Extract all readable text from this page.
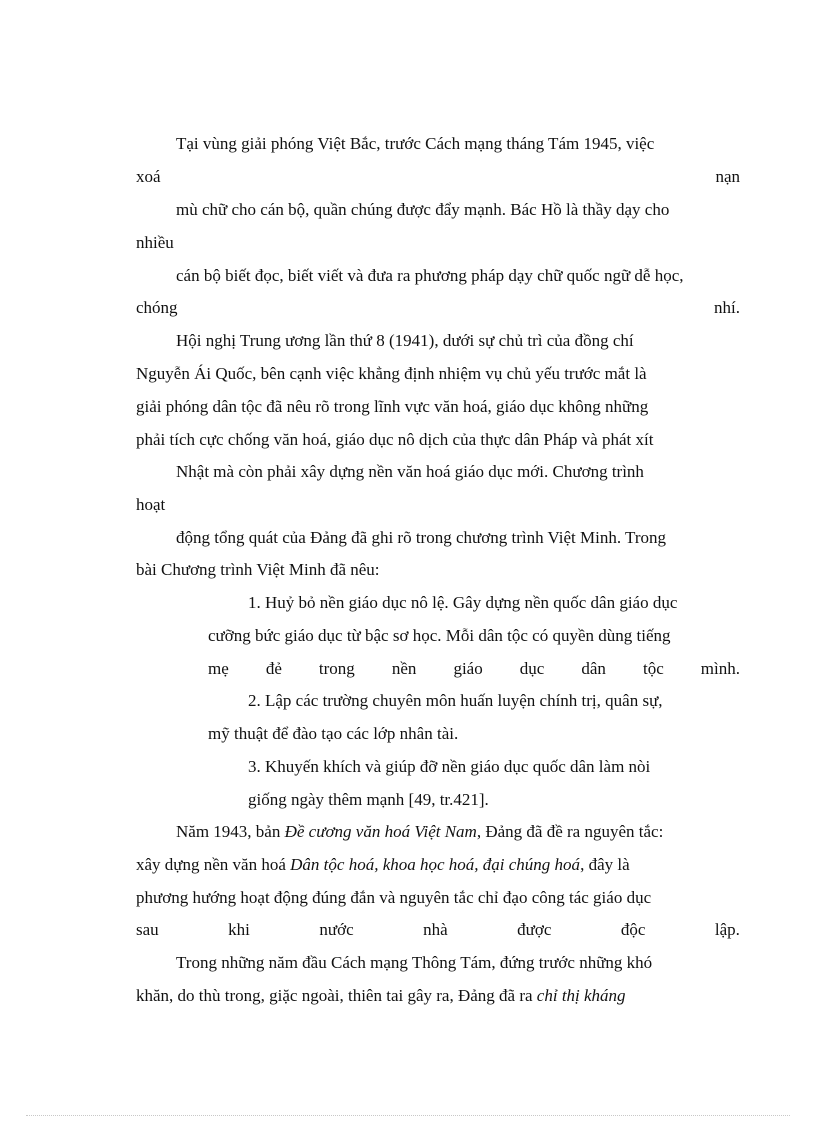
Tại vùng giải phóng Việt Bắc, trước Cách mạng tháng Tám 1945, việc
xoá	nạn
mù chữ cho cán bộ, quần chúng được đẩy mạnh. Bác Hồ là thầy dạy cho
nhiều
cán bộ biết đọc, biết viết và đưa ra phương pháp dạy chữ quốc ngữ dễ học,
chóng	nhí.
Hội nghị Trung ương lần thứ 8 (1941), dưới sự chủ trì của đồng chí
Nguyễn Ái Quốc, bên cạnh việc khẳng định nhiệm vụ chủ yếu trước mắt là
giải phóng dân tộc đã nêu rõ trong lĩnh vực văn hoá, giáo dục không những
phải tích cực chống văn hoá, giáo dục nô dịch của thực dân Pháp và phát xít
Nhật mà còn phải xây dựng nền văn hoá giáo dục mới. Chương trình
hoạt
động tổng quát của Đảng đã ghi rõ trong chương trình Việt Minh. Trong
bài Chương trình Việt Minh đã nêu:
1. Huỷ bỏ nền giáo dục nô lệ. Gây dựng nền quốc dân giáo dục
cưỡng bức giáo dục từ bậc sơ học. Mỗi dân tộc có quyền dùng tiếng
mẹ đẻ trong nền giáo dục dân tộc mình.
2. Lập các trường chuyên môn huấn luyện chính trị, quân sự,
mỹ thuật để đào tạo các lớp nhân tài.
3. Khuyến khích và giúp đỡ nền giáo dục quốc dân làm nòi
giống ngày thêm mạnh [49, tr.421].
Năm 1943, bản Đề cương văn hoá Việt Nam, Đảng đã đề ra nguyên tắc:
xây dựng nền văn hoá Dân tộc hoá, khoa học hoá, đại chúng hoá, đây là
phương hướng hoạt động đúng đắn và nguyên tắc chỉ đạo công tác giáo dục
sau	khi	nước	nhà	được	độc	lập.
Trong những năm đầu Cách mạng Thông Tám, đứng trước những khó
khăn, do thù trong, giặc ngoài, thiên tai gây ra, Đảng đã ra chỉ thị kháng
